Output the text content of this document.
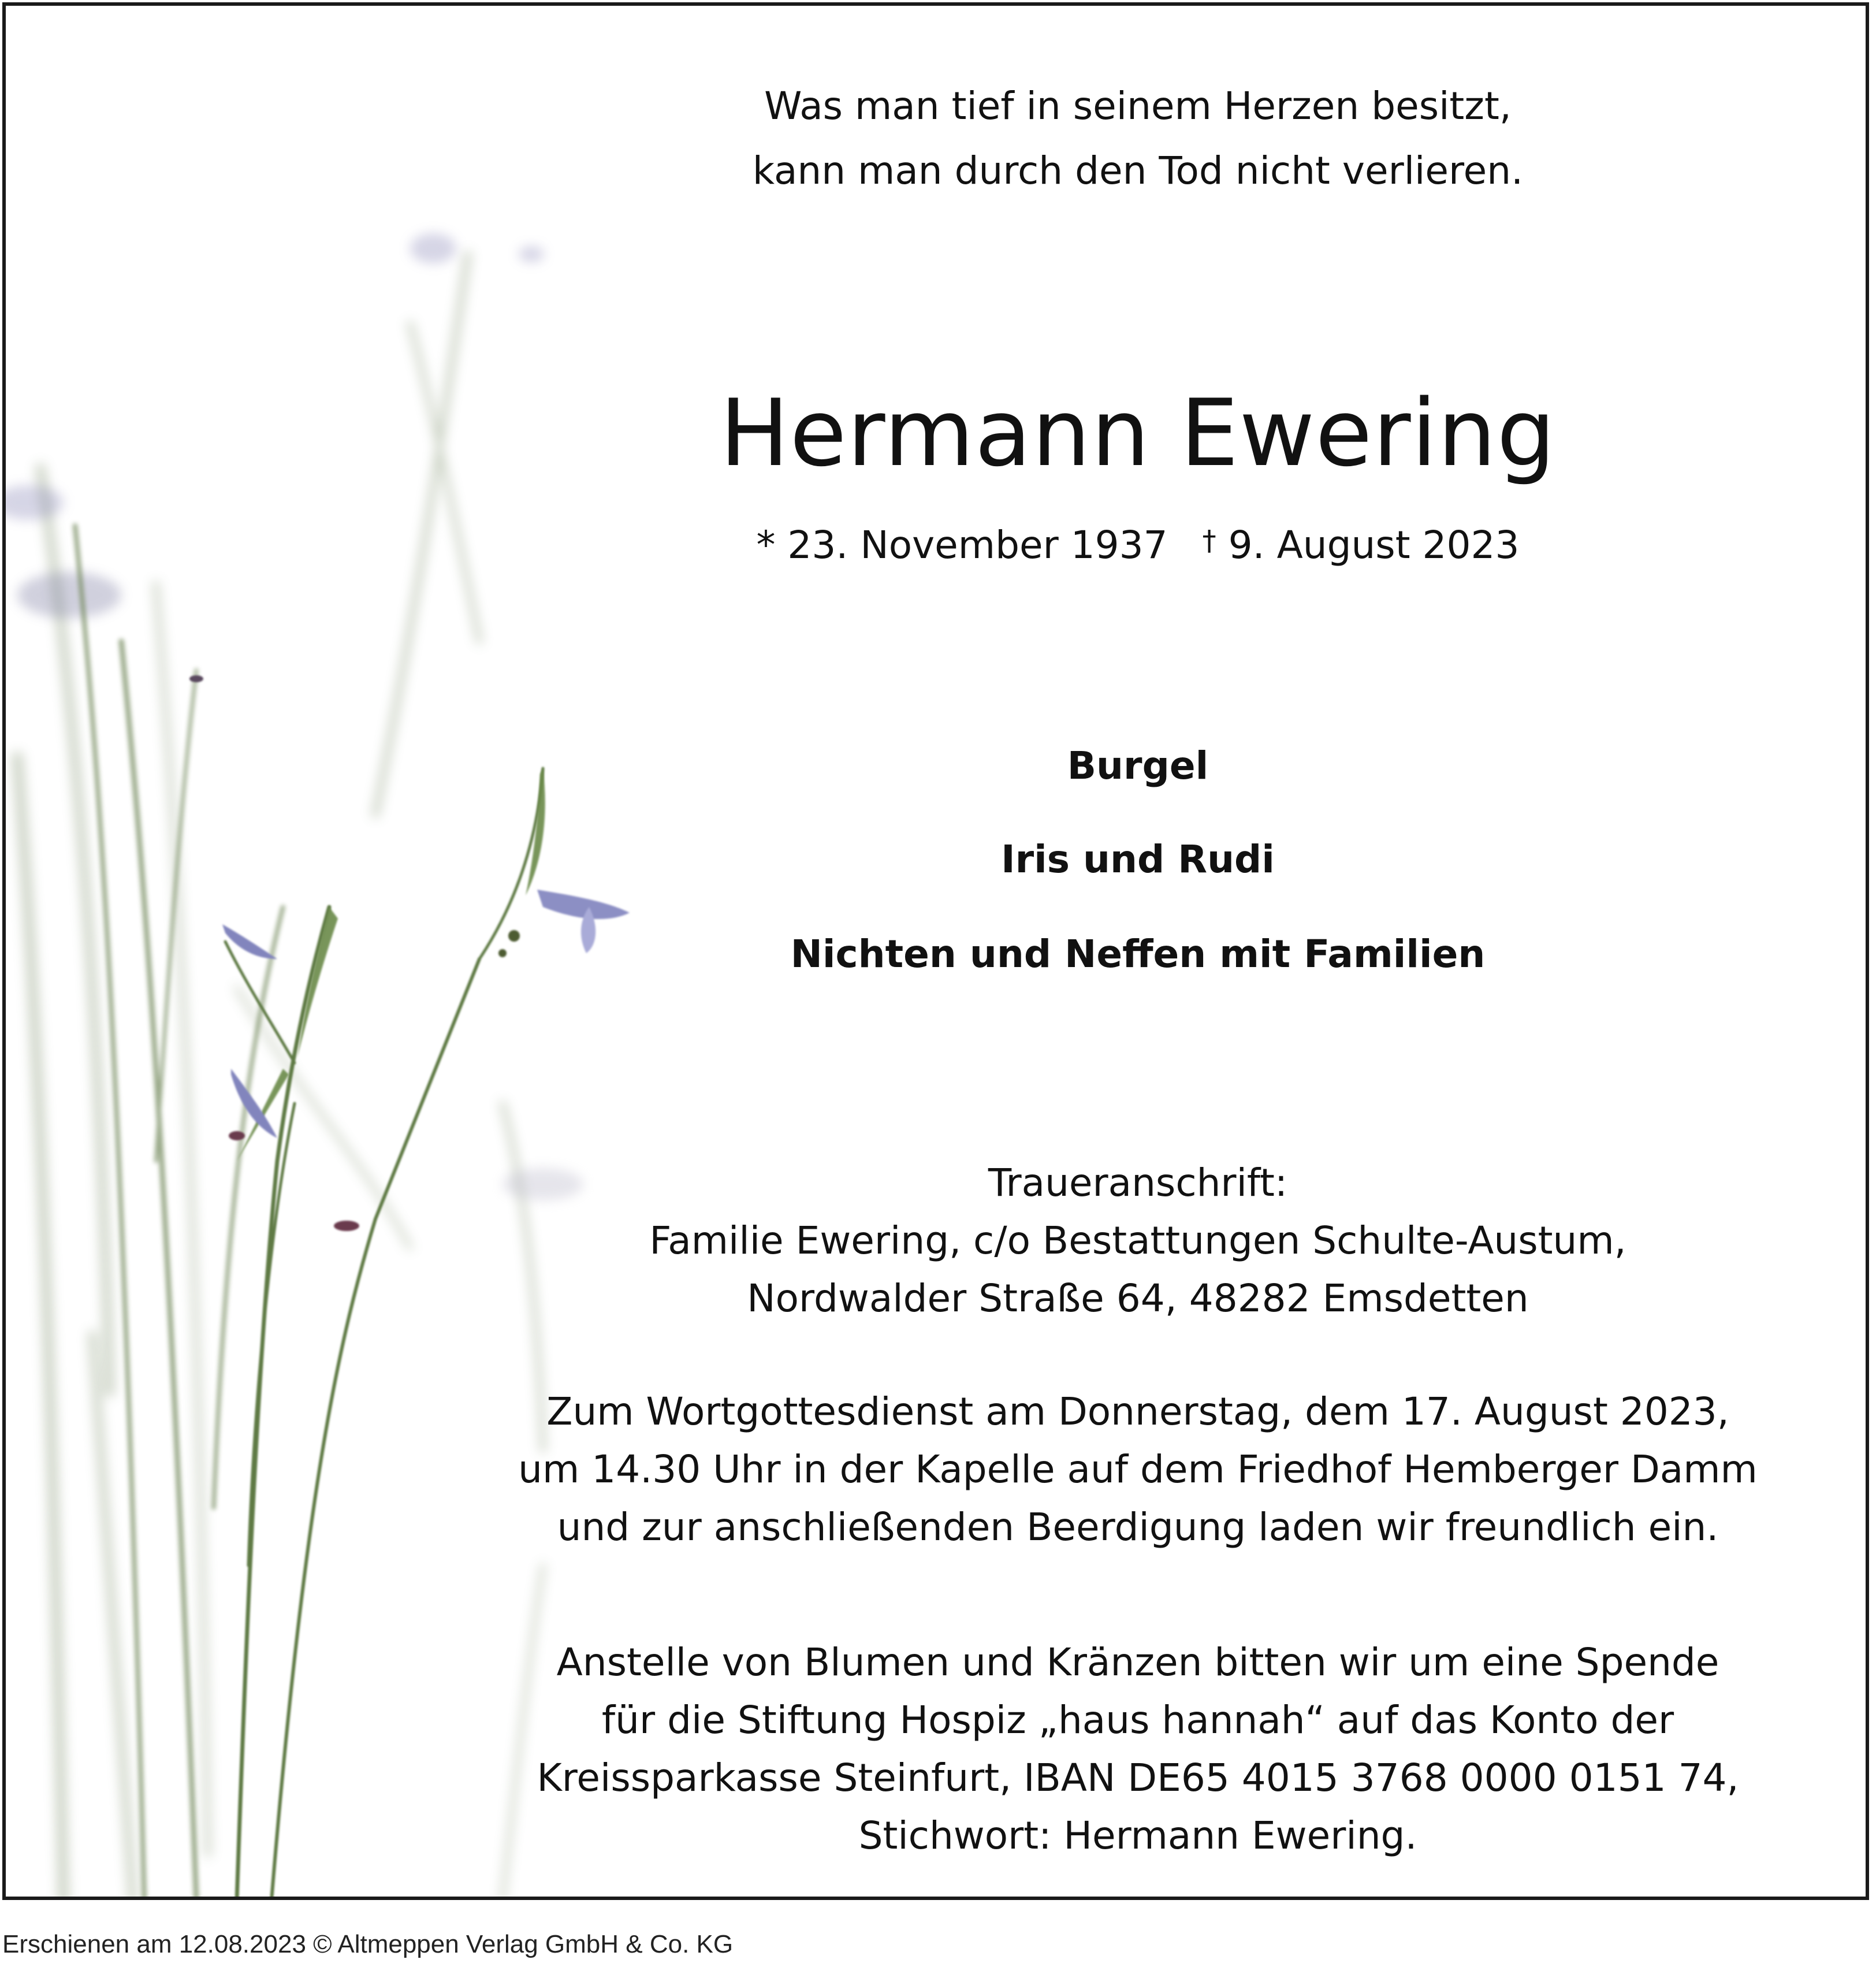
Was man tief in seinem Herzen besitzt,
kann man durch den Tod nicht verlieren.
Hermann Ewering
* 23. November 1937 † 9. August 2023
Burgel
Iris und Rudi
Nichten und Neffen mit Familien
Traueranschrift:
Familie Ewering, c/o Bestattungen Schulte-Austum,
Nordwalder Straße 64, 48282 Emsdetten
Zum Wortgottesdienst am Donnerstag, dem 17. August 2023,
um 14.30 Uhr in der Kapelle auf dem Friedhof Hemberger Damm
und zur anschließenden Beerdigung laden wir freundlich ein.
Anstelle von Blumen und Kränzen bitten wir um eine Spende
für die Stiftung Hospiz „haus hannah“ auf das Konto der
Kreissparkasse Steinfurt, IBAN DE65 4015 3768 0000 0151 74,
Stichwort: Hermann Ewering.
Erschienen am 12.08.2023 © Altmeppen Verlag GmbH & Co. KG
